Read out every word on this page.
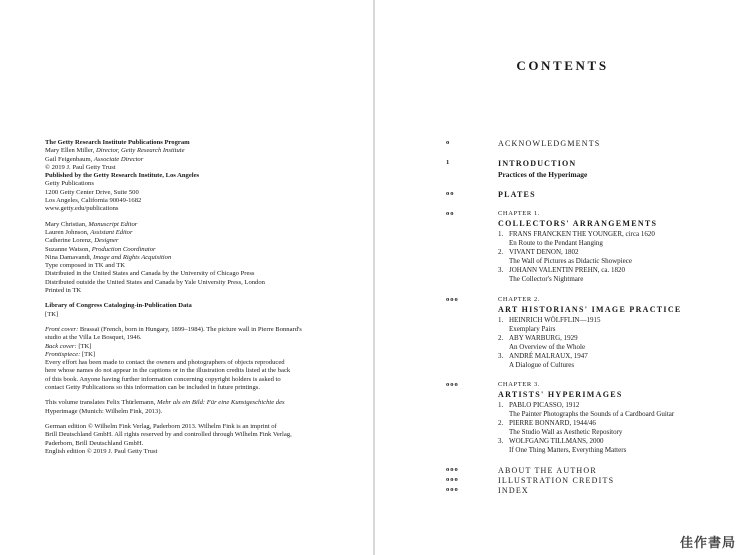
The Getty Research Institute Publications Program
Mary Ellen Miller, Director, Getty Research Institute
Gail Feigenbaum, Associate Director
© 2019 J. Paul Getty Trust
Published by the Getty Research Institute, Los Angeles
Getty Publications
1200 Getty Center Drive, Suite 500
Los Angeles, California 90049-1682
www.getty.edu/publications
Mary Christian, Manuscript Editor
Lauren Johnson, Assistant Editor
Catherine Lorenz, Designer
Suzanne Watson, Production Coordinator
Nina Damavandi, Image and Rights Acquisition
Type composed in TK and TK
Distributed in the United States and Canada by the University of Chicago Press
Distributed outside the United States and Canada by Yale University Press, London
Printed in TK
Library of Congress Cataloging-in-Publication Data
[TK]
Front cover: Brassaï (French, born in Hungary, 1899–1984). The picture wall in Pierre Bonnard's
studio at the Villa Le Bosquet, 1946.
Back cover: [TK]
Frontispiece: [TK]
Every effort has been made to contact the owners and photographers of objects reproduced
here whose names do not appear in the captions or in the illustration credits listed at the back
of this book. Anyone having further information concerning copyright holders is asked to
contact Getty Publications so this information can be included in future printings.
This volume translates Felix Thürlemann, Mehr als ein Bild: Für eine Kunstgeschichte des
Hyperimage (Munich: Wilhelm Fink, 2013).
German edition © Wilhelm Fink Verlag, Paderborn 2013. Wilhelm Fink is an imprint of
Brill Deutschland GmbH. All rights reserved by and controlled through Wilhelm Fink Verlag,
Paderborn, Brill Deutschland GmbH.
English edition © 2019 J. Paul Getty Trust
CONTENTS
o	ACKNOWLEDGMENTS
1	INTRODUCTION
Practices of the Hyperimage
oo	PLATES
oo	CHAPTER 1.
COLLECTORS' ARRANGEMENTS
1. FRANS FRANCKEN THE YOUNGER, circa 1620
En Route to the Pendant Hanging
2. VIVANT DENON, 1802
The Wall of Pictures as Didactic Showpiece
3. JOHANN VALENTIN PREHN, ca. 1820
The Collector's Nightmare
ooo	CHAPTER 2.
ART HISTORIANS' IMAGE PRACTICE
1. HEINRICH WÖLFFLIN—1915
Exemplary Pairs
2. ABY WARBURG, 1929
An Overview of the Whole
3. ANDRÉ MALRAUX, 1947
A Dialogue of Cultures
ooo	CHAPTER 3.
ARTISTS' HYPERIMAGES
1. PABLO PICASSO, 1912
The Painter Photographs the Sounds of a Cardboard Guitar
2. PIERRE BONNARD, 1944/46
The Studio Wall as Aesthetic Repository
3. WOLFGANG TILLMANS, 2000
If One Thing Matters, Everything Matters
ooo	ABOUT THE AUTHOR
ooo	ILLUSTRATION CREDITS
ooo	INDEX
佳作書局
